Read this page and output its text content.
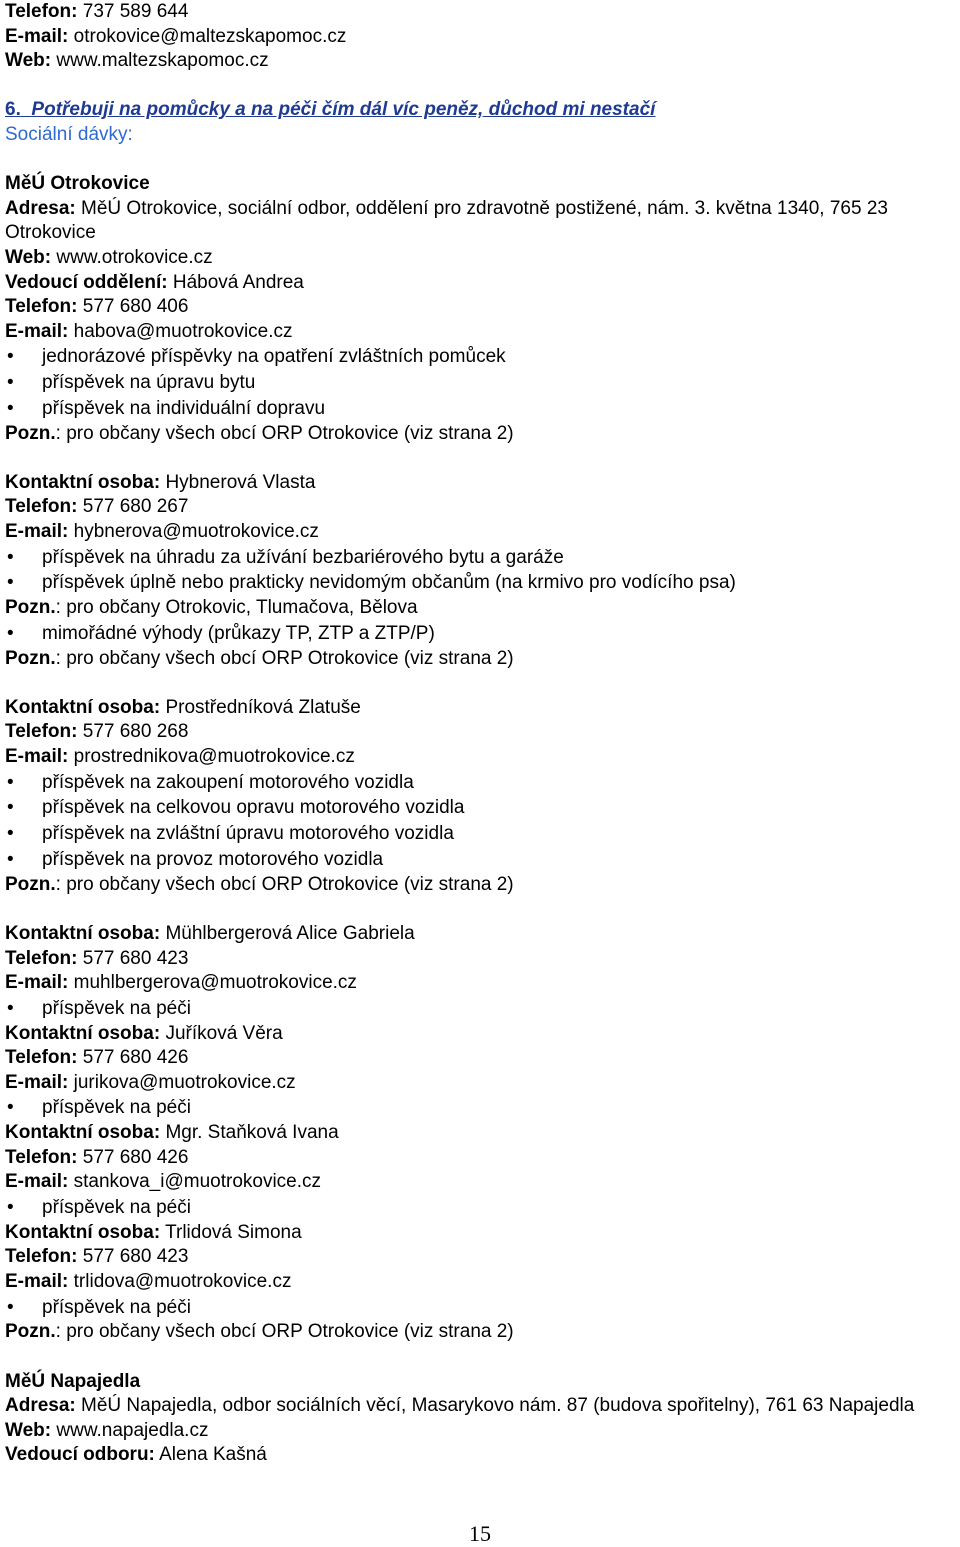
Telefon: 737 589 644
E-mail: otrokovice@maltezskapomoc.cz
Web: www.maltezskapomoc.cz
6. Potřebuji na pomůcky a na péči čím dál víc peněz, důchod mi nestačí
Sociální dávky:
MěÚ Otrokovice
Adresa: MěÚ Otrokovice, sociální odbor, oddělení pro zdravotně postižené, nám. 3. května 1340, 765 23 Otrokovice
Web: www.otrokovice.cz
Vedoucí oddělení: Hábová Andrea
Telefon: 577 680 406
E-mail: habova@muotrokovice.cz
• jednorázové příspěvky na opatření zvláštních pomůcek
• příspěvek na úpravu bytu
• příspěvek na individuální dopravu
Pozn.: pro občany všech obcí ORP Otrokovice (viz strana 2)
Kontaktní osoba: Hybnerová Vlasta
Telefon: 577 680 267
E-mail: hybnerova@muotrokovice.cz
• příspěvek na úhradu za užívání bezbariérového bytu a garáže
• příspěvek úplně nebo prakticky nevidomým občanům (na krmivo pro vodícího psa)
Pozn.: pro občany Otrokovic, Tlumačova, Bělova
• mimořádné výhody (průkazy TP, ZTP a ZTP/P)
Pozn.: pro občany všech obcí ORP Otrokovice (viz strana 2)
Kontaktní osoba: Prostředníková Zlatuše
Telefon: 577 680 268
E-mail: prostrednikova@muotrokovice.cz
• příspěvek na zakoupení motorového vozidla
• příspěvek na celkovou opravu motorového vozidla
• příspěvek na zvláštní úpravu motorového vozidla
• příspěvek na provoz motorového vozidla
Pozn.: pro občany všech obcí ORP Otrokovice (viz strana 2)
Kontaktní osoba: Mühlbergerová Alice Gabriela
Telefon: 577 680 423
E-mail: muhlbergerova@muotrokovice.cz
• příspěvek na péči
Kontaktní osoba: Juříková Věra
Telefon: 577 680 426
E-mail: jurikova@muotrokovice.cz
• příspěvek na péči
Kontaktní osoba: Mgr. Staňková Ivana
Telefon: 577 680 426
E-mail: stankova_i@muotrokovice.cz
• příspěvek na péči
Kontaktní osoba: Trlidová Simona
Telefon: 577 680 423
E-mail: trlidova@muotrokovice.cz
• příspěvek na péči
Pozn.: pro občany všech obcí ORP Otrokovice (viz strana 2)
MěÚ Napajedla
Adresa: MěÚ Napajedla, odbor sociálních věcí, Masarykovo nám. 87 (budova spořitelny), 761 63 Napajedla
Web: www.napajedla.cz
Vedoucí odboru: Alena Kašná
15
